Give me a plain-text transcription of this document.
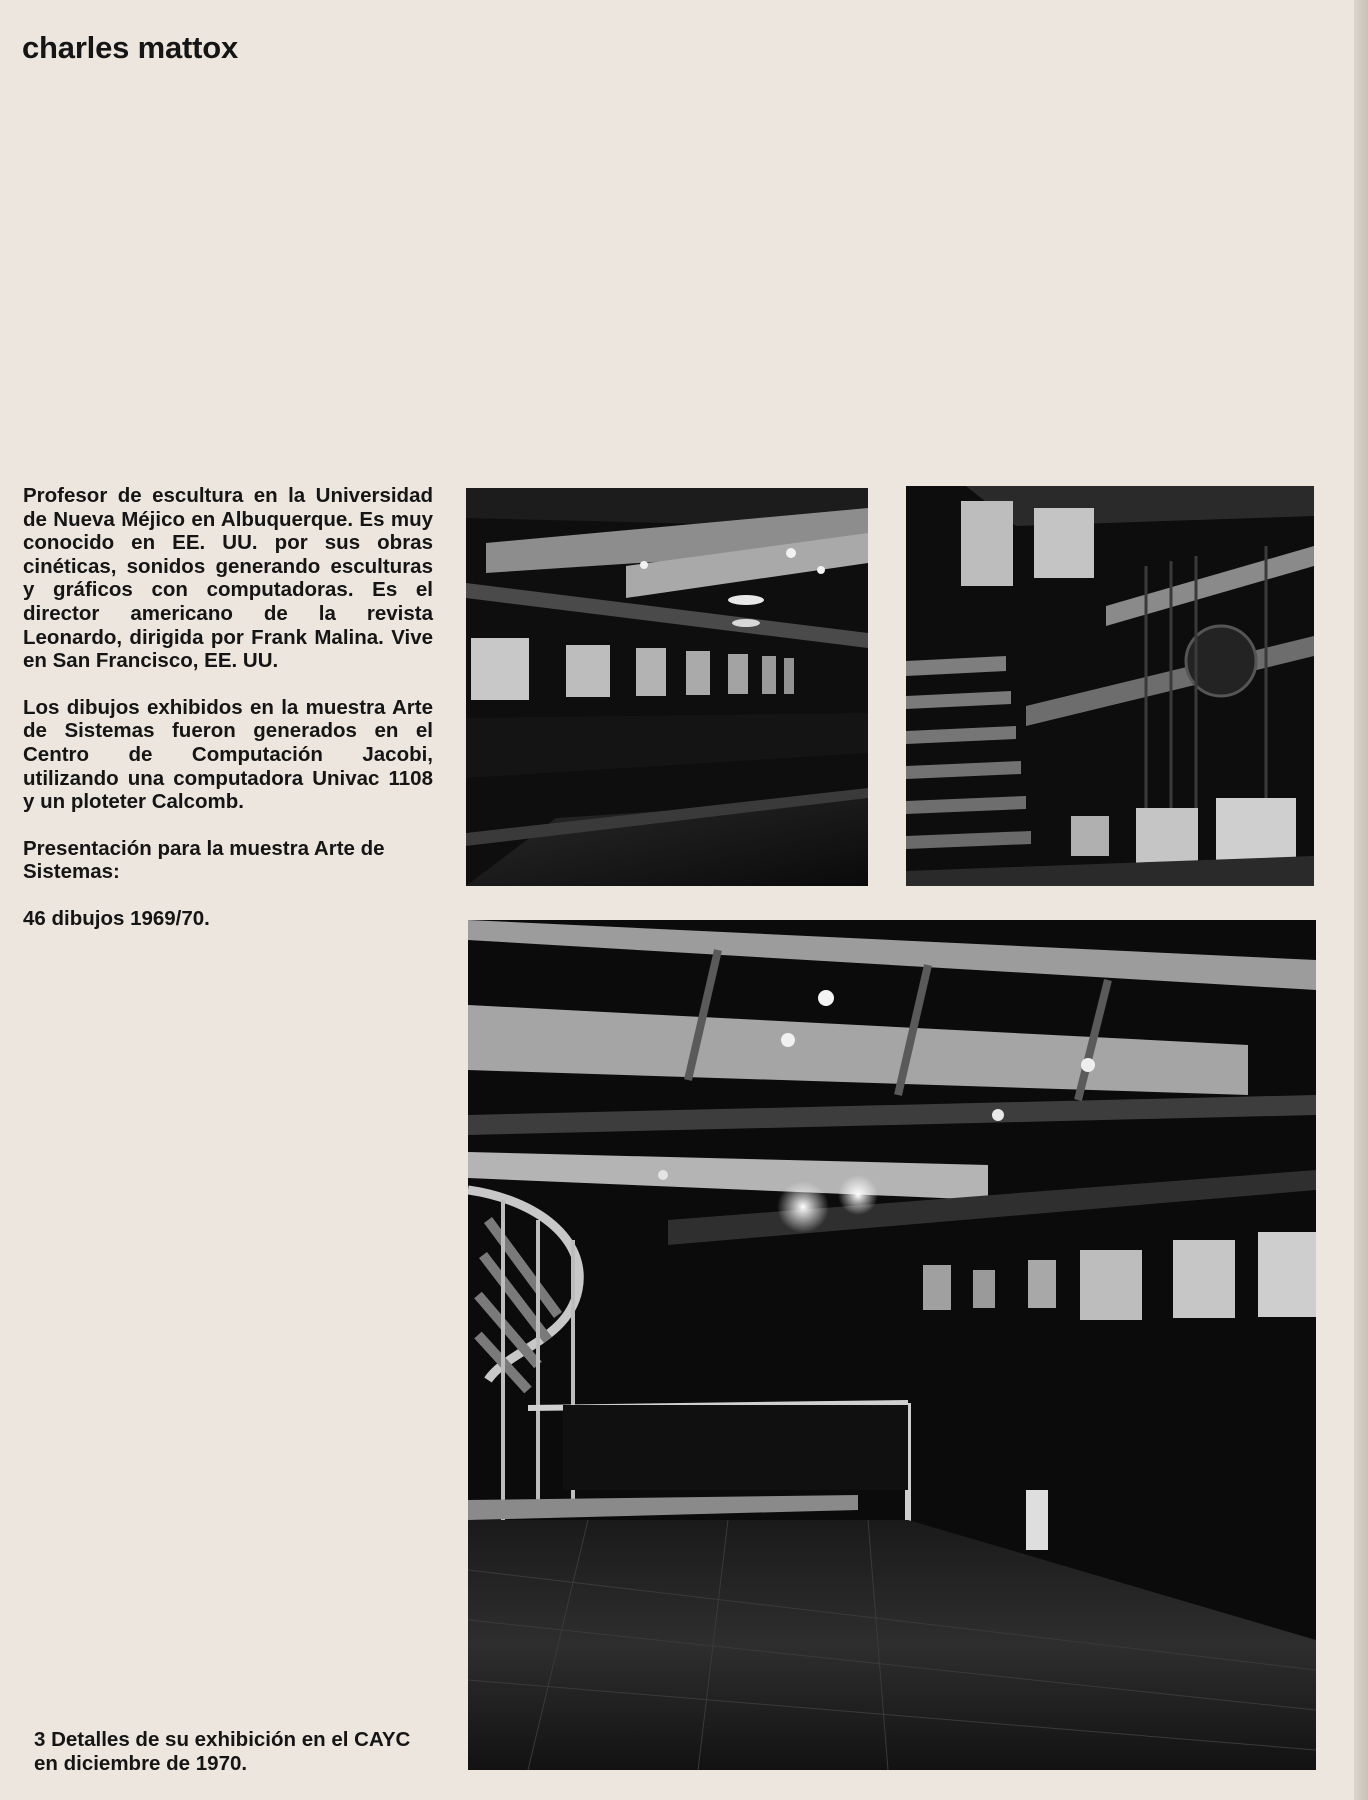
charles mattox

Profesor de escultura en la Universidad de Nueva Méjico en Albuquerque. Es muy conocido en EE. UU. por sus obras cinéticas, sonidos generando esculturas y gráficos con computadoras. Es el director americano de la revista Leonardo, dirigida por Frank Malina. Vive en San Francisco, EE. UU.

Los dibujos exhibidos en la muestra Arte de Sistemas fueron generados en el Centro de Computación Jacobi, utilizando una computadora Univac 1108 y un ploteter Calcomb.

Presentación para la muestra Arte de Sistemas:

46 dibujos 1969/70.

3 Detalles de su exhibición en el CAYC en diciembre de 1970.
